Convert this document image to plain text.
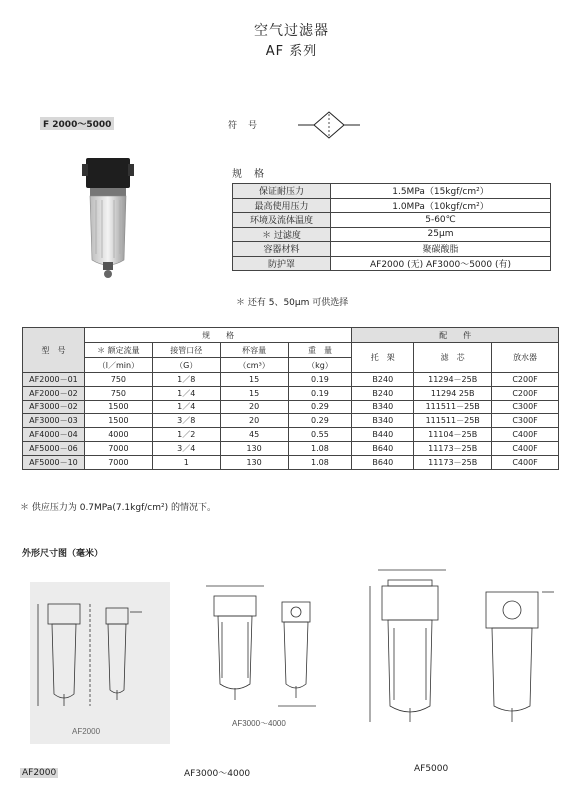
空气过滤器
AF 系列
F 2000～5000	符　号
规　格
保证耐压力	1.5MPa（15kgf/cm²）
最高使用压力	1.0MPa（10kgf/cm²）
环境及流体温度	5-60℃
＊ 过滤度	25μm
容器材料	聚碳酸脂
防护罩	AF2000 (无) AF3000～5000 (有)
＊ 还有 5、50μm 可供选择
型　号	规　　格				配　　件		
	＊ 额定流量	接管口径	杯容量	重　量	托　架	滤　芯	放水器
	（l／min）	（G）	（cm³）	（kg）			
AF2000－01	750	1／8	15	0.19	B240	11294－25B	C200F
AF2000－02	750	1／4	15	0.19	B240	11294 25B	C200F
AF3000－02	1500	1／4	20	0.29	B340	111511－25B	C300F
AF3000－03	1500	3／8	20	0.29	B340	111511－25B	C300F
AF4000－04	4000	1／2	45	0.55	B440	11104－25B	C400F
AF5000－06	7000	3／4	130	1.08	B640	11173－25B	C400F
AF5000－10	7000	1	130	1.08	B640	11173－25B	C400F
＊ 供应压力为 0.7MPa(7.1kgf/cm²) 的情况下。
外形尺寸图（毫米）
AF2000
AF3000～4000
AF2000	AF3000～4000	AF5000
